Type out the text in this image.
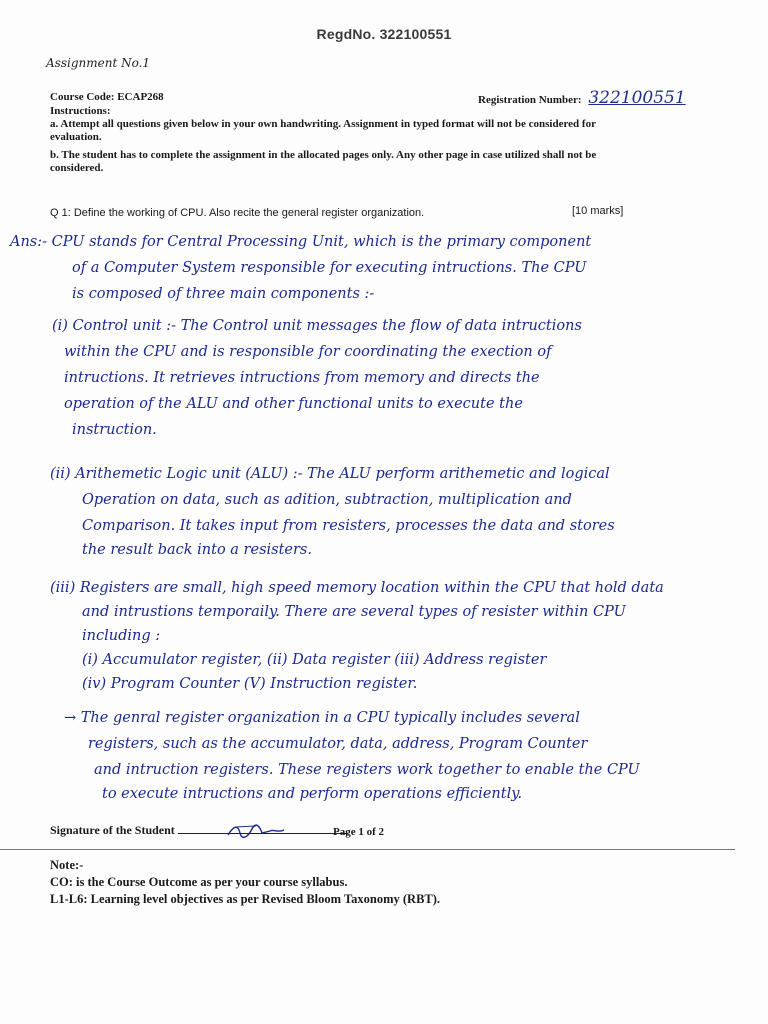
RegdNo. 322100551
Assignment No.1
Course Code: ECAP268	Registration Number: 322100551

Instructions:

a. Attempt all questions given below in your own handwriting. Assignment in typed format will not be considered for evaluation.

b. The student has to complete the assignment in the allocated pages only. Any other page in case utilized shall not be considered.

Q 1: Define the working of CPU. Also recite the general register organization.	[10 marks]
Ans:- CPU stands for Central Processing Unit, which is the primary component
of a Computer System responsible for executing intructions. The CPU
is composed of three main components :-
(i) Control unit :- The Control unit messages the flow of data intructions
within the CPU and is responsible for coordinating the exection of
intructions. It retrieves intructions from memory and directs the
operation of the ALU and other functional units to execute the
instruction.
(ii) Arithemetic Logic unit (ALU) :- The ALU perform arithemetic and logical
Operation on data, such as adition, subtraction, multiplication and
Comparison. It takes input from resisters, processes the data and stores
the result back into a resisters.
(iii) Registers are small, high speed memory location within the CPU that hold data
and intrustions temporaily. There are several types of resister within CPU
including :
(i) Accumulator register, (ii) Data register (iii) Address register
(iv) Program Counter (V) Instruction register.
→ The genral register organization in a CPU typically includes several
registers, such as the accumulator, data, address, Program Counter
and intruction registers. These registers work together to enable the CPU
to execute intructions and perform operations efficiently.
Signature of the Student	Page 1 of 2

Note:-

CO: is the Course Outcome as per your course syllabus.

L1-L6: Learning level objectives as per Revised Bloom Taxonomy (RBT).
